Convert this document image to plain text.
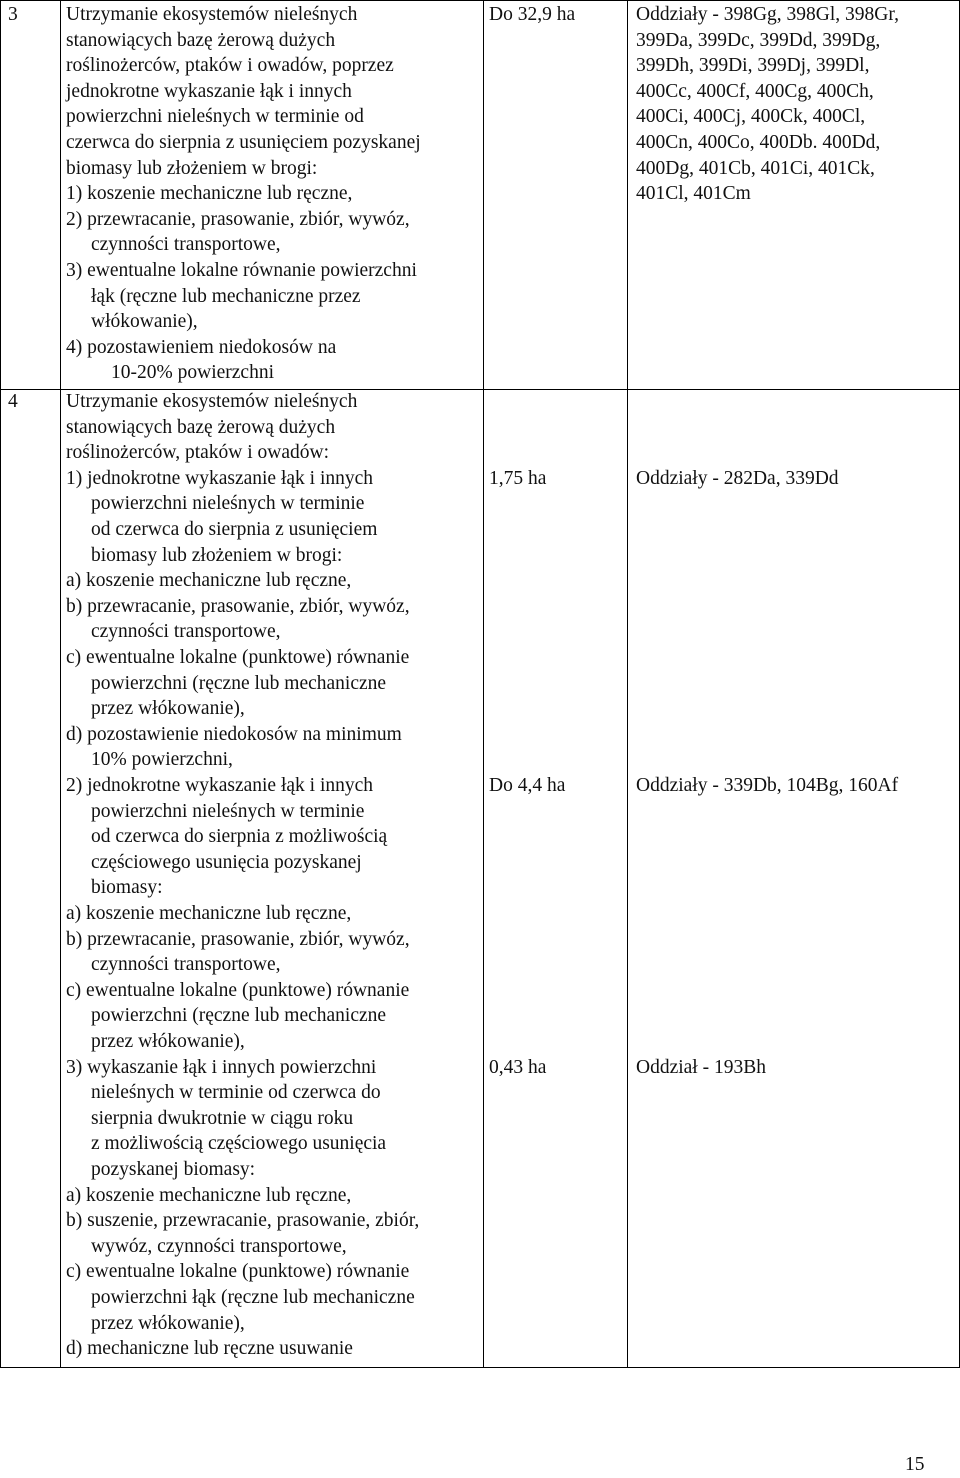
3 Utrzymanie ekosystemów nieleśnych
stanowiących bazę żerową dużych
roślinożerców, ptaków i owadów, poprzez
jednokrotne wykaszanie łąk i innych
powierzchni nieleśnych w terminie od
czerwca do sierpnia z usunięciem pozyskanej
biomasy lub złożeniem w brogi:
1) koszenie mechaniczne lub ręczne,
2) przewracanie, prasowanie, zbiór, wywóz,
czynności transportowe,
3) ewentualne lokalne równanie powierzchni
łąk (ręczne lub mechaniczne przez
włókowanie),
4) pozostawieniem niedokosów na
10-20% powierzchni
Do 32,9 ha	Oddziały - 398Gg, 398Gl, 398Gr,
399Da, 399Dc, 399Dd, 399Dg,
399Dh, 399Di, 399Dj, 399Dl,
400Cc, 400Cf, 400Cg, 400Ch,
400Ci, 400Cj, 400Ck, 400Cl,
400Cn, 400Co, 400Db. 400Dd,
400Dg, 401Cb, 401Ci, 401Ck,
401Cl, 401Cm
4 Utrzymanie ekosystemów nieleśnych
stanowiących bazę żerową dużych
roślinożerców, ptaków i owadów:
1) jednokrotne wykaszanie łąk i innych
powierzchni nieleśnych w terminie
od czerwca do sierpnia z usunięciem
biomasy lub złożeniem w brogi:
a) koszenie mechaniczne lub ręczne,
b) przewracanie, prasowanie, zbiór, wywóz,
czynności transportowe,
c) ewentualne lokalne (punktowe) równanie
powierzchni (ręczne lub mechaniczne
przez włókowanie),
d) pozostawienie niedokosów na minimum
10% powierzchni,
2) jednokrotne wykaszanie łąk i innych
powierzchni nieleśnych w terminie
od czerwca do sierpnia z możliwością
częściowego usunięcia pozyskanej
biomasy:
a) koszenie mechaniczne lub ręczne,
b) przewracanie, prasowanie, zbiór, wywóz,
czynności transportowe,
c) ewentualne lokalne (punktowe) równanie
powierzchni (ręczne lub mechaniczne
przez włókowanie),
3) wykaszanie łąk i innych powierzchni
nieleśnych w terminie od czerwca do
sierpnia dwukrotnie w ciągu roku
z możliwością częściowego usunięcia
pozyskanej biomasy:
a) koszenie mechaniczne lub ręczne,
b) suszenie, przewracanie, prasowanie, zbiór,
wywóz, czynności transportowe,
c) ewentualne lokalne (punktowe) równanie
powierzchni łąk (ręczne lub mechaniczne
przez włókowanie),
d) mechaniczne lub ręczne usuwanie
1,75 ha	Oddziały - 282Da, 339Dd
Do 4,4 ha	Oddziały - 339Db, 104Bg, 160Af
0,43 ha	Oddział - 193Bh
15
